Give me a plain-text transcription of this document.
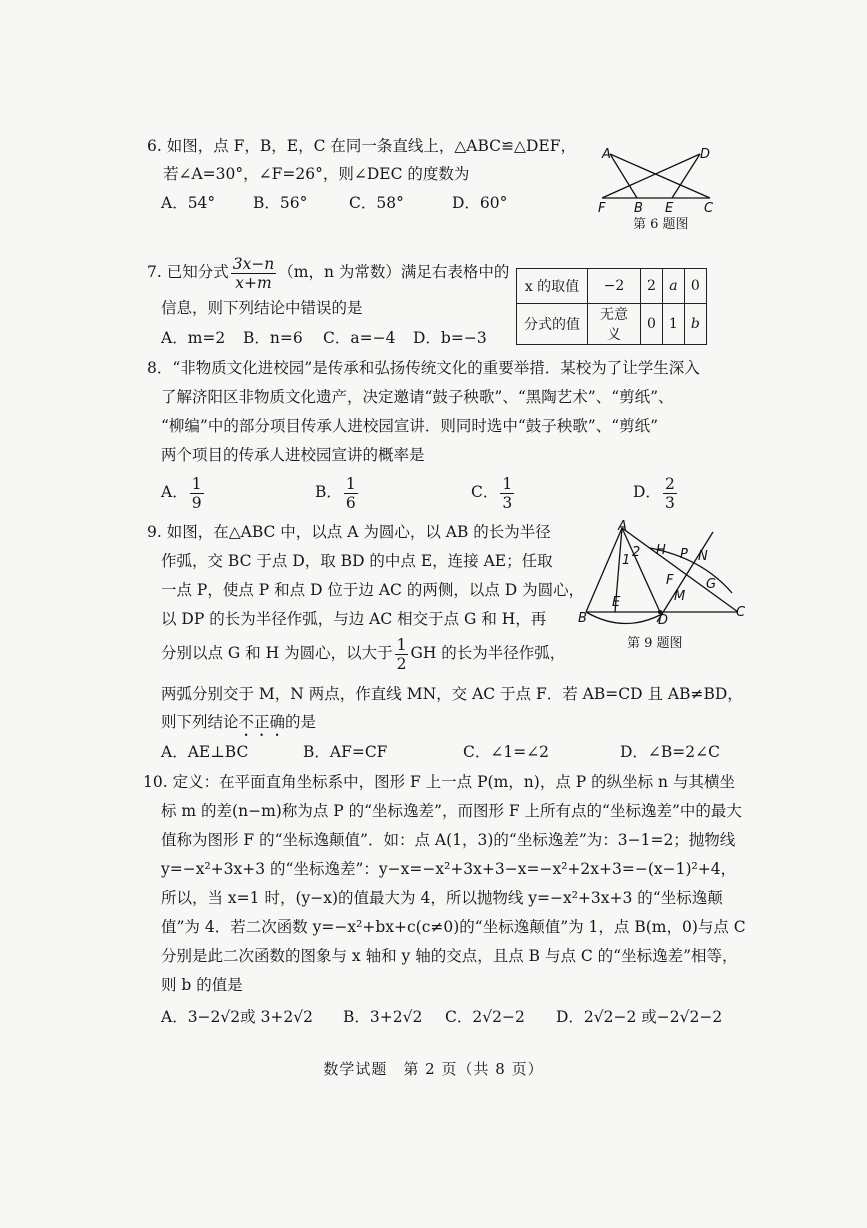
6. 如图，点 F，B，E，C 在同一条直线上，△ABC≌△DEF，
若∠A=30°，∠F=26°，则∠DEC 的度数为
A．54° B．56°	C．58°	D．60°
A	D
F B E C
第 6 题图
7. 已知分式 $\frac{3x-n}{x+m} (m$，n 为常数）满足右表格中的
信息，则下列结论中错误的是
A．m=2 B．n=6 C．a=−4 D．b=−3
x 的取值	−2	2	a	0
分式的值	无意义	0	1	b
8．“非物质文化进校园”是传承和弘扬传统文化的重要举措．某校为了让学生深入
了解济阳区非物质文化遗产，决定邀请“鼓子秧歌”、“黑陶艺术”、“剪纸”、
“柳编”中的部分项目传承人进校园宣讲．则同时选中“鼓子秧歌”、“剪纸”
两个项目的传承人进校园宣讲的概率是
A． $\frac{1}{9}$	B． $\frac{1}{6}$	C． $\frac{1}{3}$	D． $\frac{2}{3}$
9. 如图，在△ABC 中，以点 A 为圆心，以 AB 的长为半径
作弧，交 BC 于点 D，取 BD 的中点 E，连接 AE；任取
一点 P，使点 P 和点 D 位于边 AC 的两侧，以点 D 为圆心，
以 DP 的长为半径作弧，与边 AC 相交于点 G 和 H，再
分别以点 G 和 H 为圆心，以大于 $\frac{1}{2}$ GH 的长为半径作弧，
两弧分别交于 M，N 两点，作直线 MN，交 AC 于点 F．若 AB=CD 且 AB≠BD，
则下列结论不正确的是
A．AE⊥BC	B．AF=CF	C．∠1=∠2	D．∠B=2∠C
A
B	C
D
E
F	G
H
M
N
P
1
2
第 9 题图
10. 定义：在平面直角坐标系中，图形 F 上一点 P(m，n)，点 P 的纵坐标 n 与其横坐
标 m 的差(n−m)称为点 P 的“坐标逸差”，而图形 F 上所有点的“坐标逸差”中的最大
值称为图形 F 的“坐标逸颠值”．如：点 A(1，3)的“坐标逸差”为：3−1=2；抛物线
y=−x²+3x+3 的“坐标逸差”：y−x=−x²+3x+3−x=−x²+2x+3=−(x−1)²+4，
所以，当 x=1 时，(y−x)的值最大为 4，所以抛物线 y=−x²+3x+3 的“坐标逸颠
值”为 4．若二次函数 y=−x²+bx+c(c≠0)的“坐标逸颠值”为 1，点 B(m，0)与点 C
分别是此二次函数的图象与 x 轴和 y 轴的交点，且点 B 与点 C 的“坐标逸差”相等，
则 b 的值是
A．3−2√2或 3+2√2 B．3+2√2 C．2√2−2 D．2√2−2 或−2√2−2
数学试题　第 2 页（共 8 页）
